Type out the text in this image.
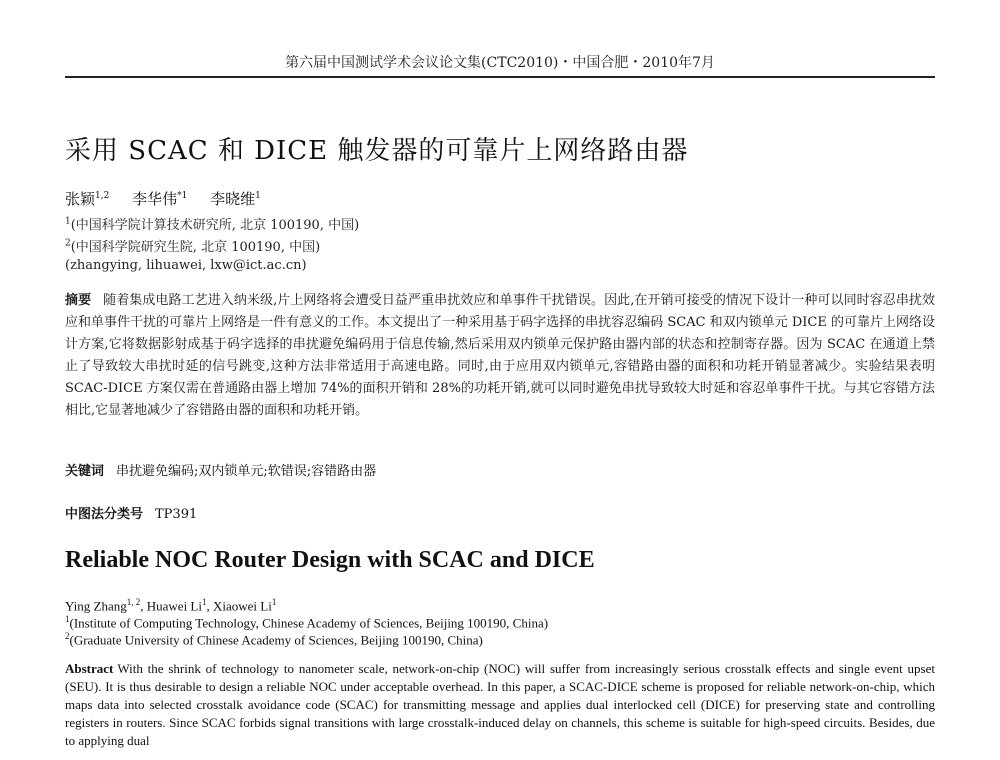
第六届中国测试学术会议论文集(CTC2010)・中国合肥・2010年7月
采用 SCAC 和 DICE 触发器的可靠片上网络路由器
张颖$^{1,2}$ 李华伟$^{*1}$ 李晓维$^1$
$^1$(中国科学院计算技术研究所, 北京 100190, 中国)
$^2$(中国科学院研究生院, 北京 100190, 中国)
(zhangying, lihuawei, lxw@ict.ac.cn)
摘要 随着集成电路工艺进入纳米级,片上网络将会遭受日益严重串扰效应和单事件干扰错误。因此,在开销可接受的情况下设计一种可以同时容忍串扰效应和单事件干扰的可靠片上网络是一件有意义的工作。本文提出了一种采用基于码字选择的串扰容忍编码 SCAC 和双内锁单元 DICE 的可靠片上网络设计方案,它将数据影射成基于码字选择的串扰避免编码用于信息传输,然后采用双内锁单元保护路由器内部的状态和控制寄存器。因为 SCAC 在通道上禁止了导致较大串扰时延的信号跳变,这种方法非常适用于高速电路。同时,由于应用双内锁单元,容错路由器的面积和功耗开销显著减少。实验结果表明 SCAC-DICE 方案仅需在普通路由器上增加 74%的面积开销和 28%的功耗开销,就可以同时避免串扰导致较大时延和容忍单事件干扰。与其它容错方法相比,它显著地减少了容错路由器的面积和功耗开销。
关键词 串扰避免编码;双内锁单元;软错误;容错路由器
中图法分类号 TP391
Reliable NOC Router Design with SCAC and DICE
Ying Zhang$^{1, 2}$, Huawei Li$^1$, Xiaowei Li$^1$
$^1$(Institute of Computing Technology, Chinese Academy of Sciences, Beijing 100190, China)
$^2$(Graduate University of Chinese Academy of Sciences, Beijing 100190, China)
Abstract With the shrink of technology to nanometer scale, network-on-chip (NOC) will suffer from increasingly serious crosstalk effects and single event upset (SEU). It is thus desirable to design a reliable NOC under acceptable overhead. In this paper, a SCAC-DICE scheme is proposed for reliable network-on-chip, which maps data into selected crosstalk avoidance code (SCAC) for transmitting message and applies dual interlocked cell (DICE) for preserving state and controlling registers in routers. Since SCAC forbids signal transitions with large crosstalk-induced delay on channels, this scheme is suitable for high-speed circuits. Besides, due to applying dual
